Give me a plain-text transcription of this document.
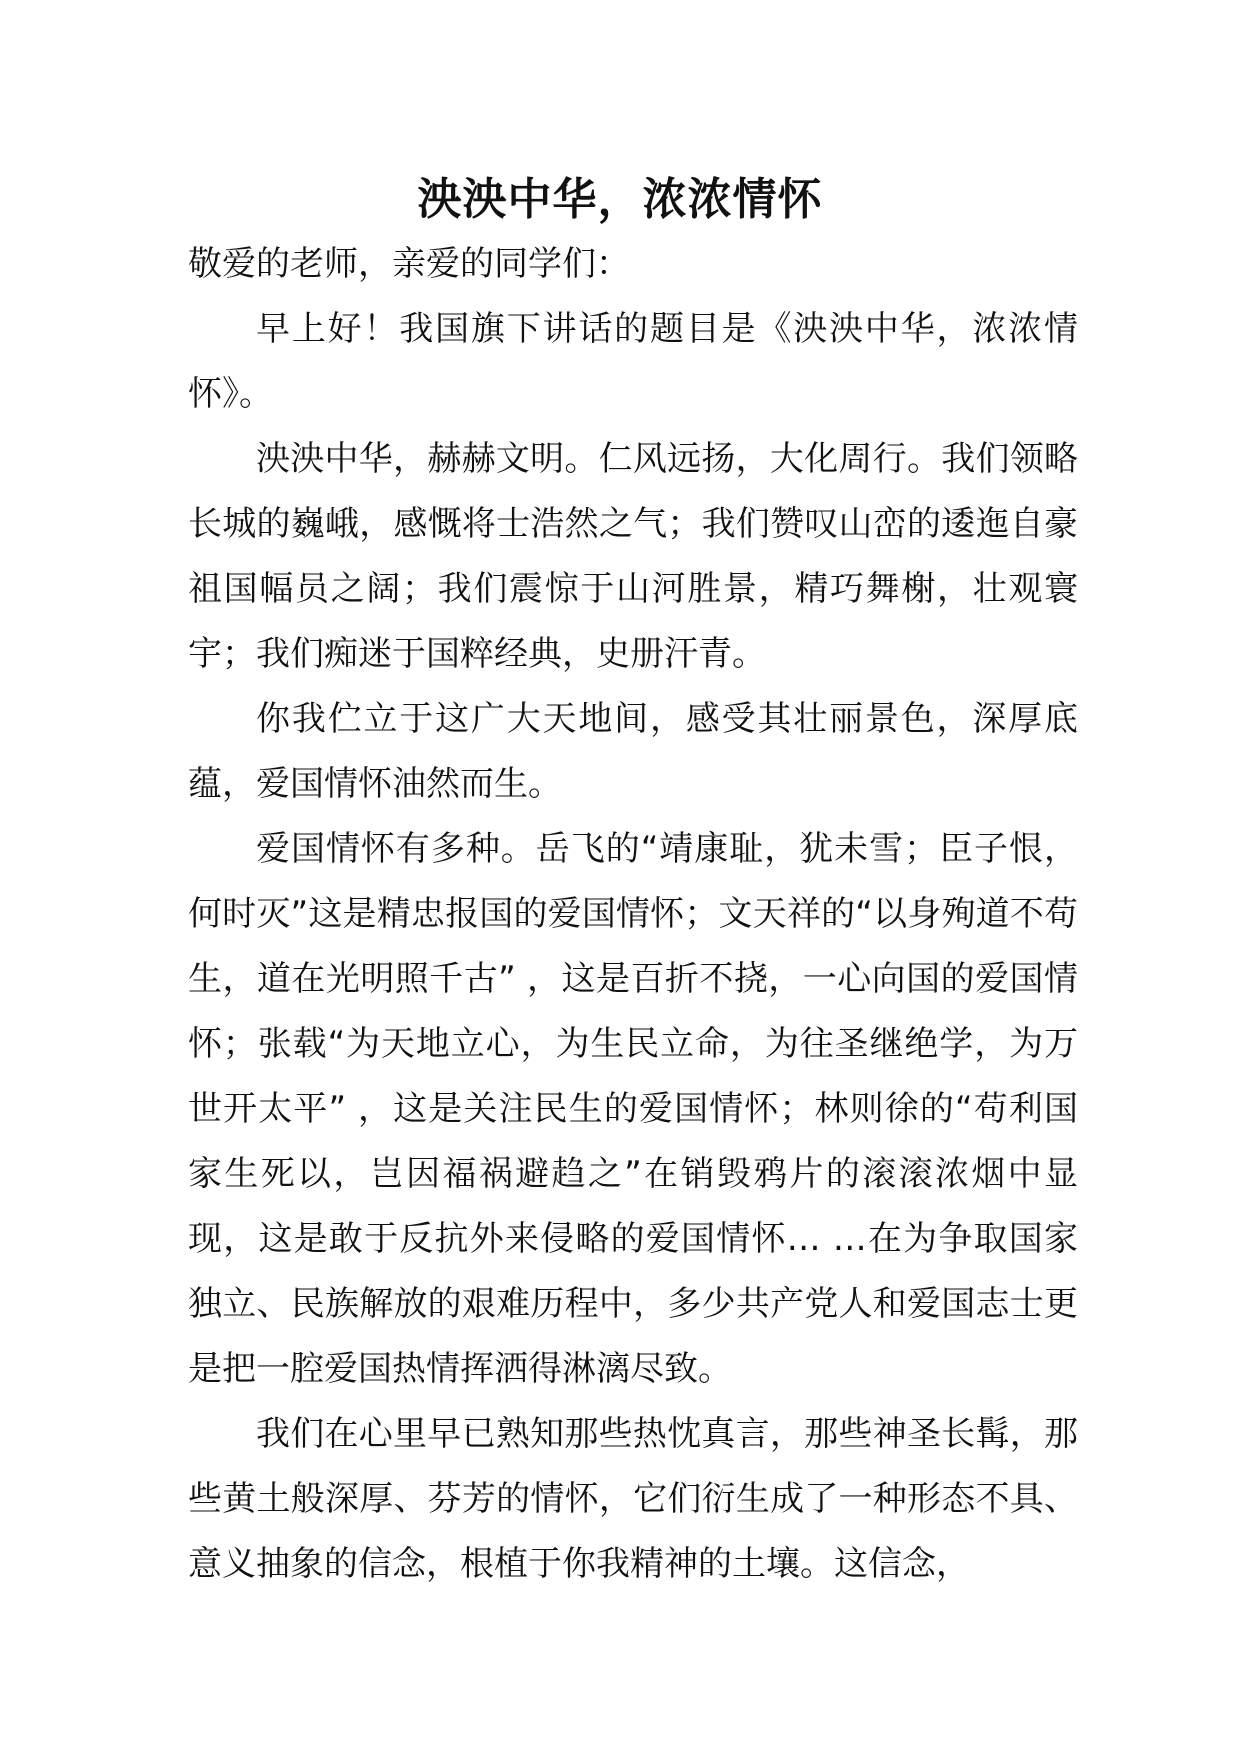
泱泱中华，浓浓情怀

敬爱的老师，亲爱的同学们：

早上好！我国旗下讲话的题目是《泱泱中华，浓浓情怀》。

泱泱中华，赫赫文明。仁风远扬，大化周行。我们领略长城的巍峨，感慨将士浩然之气；我们赞叹山峦的逶迤自豪祖国幅员之阔；我们震惊于山河胜景，精巧舞榭，壮观寰宇；我们痴迷于国粹经典，史册汗青。

你我伫立于这广大天地间，感受其壮丽景色，深厚底蕴，爱国情怀油然而生。

爱国情怀有多种。岳飞的“靖康耻，犹未雪；臣子恨，何时灭”这是精忠报国的爱国情怀；文天祥的“以身殉道不苟生，道在光明照千古” ，这是百折不挠，一心向国的爱国情怀；张载“为天地立心，为生民立命，为往圣继绝学，为万世开太平” ，这是关注民生的爱国情怀；林则徐的“苟利国家生死以，岂因福祸避趋之”在销毁鸦片的滚滚浓烟中显现，这是敢于反抗外来侵略的爱国情怀… …在为争取国家独立、民族解放的艰难历程中，多少共产党人和爱国志士更是把一腔爱国热情挥洒得淋漓尽致。

我们在心里早已熟知那些热忱真言，那些神圣长髯，那些黄土般深厚、芬芳的情怀，它们衍生成了一种形态不具、意义抽象的信念，根植于你我精神的土壤。这信念，
